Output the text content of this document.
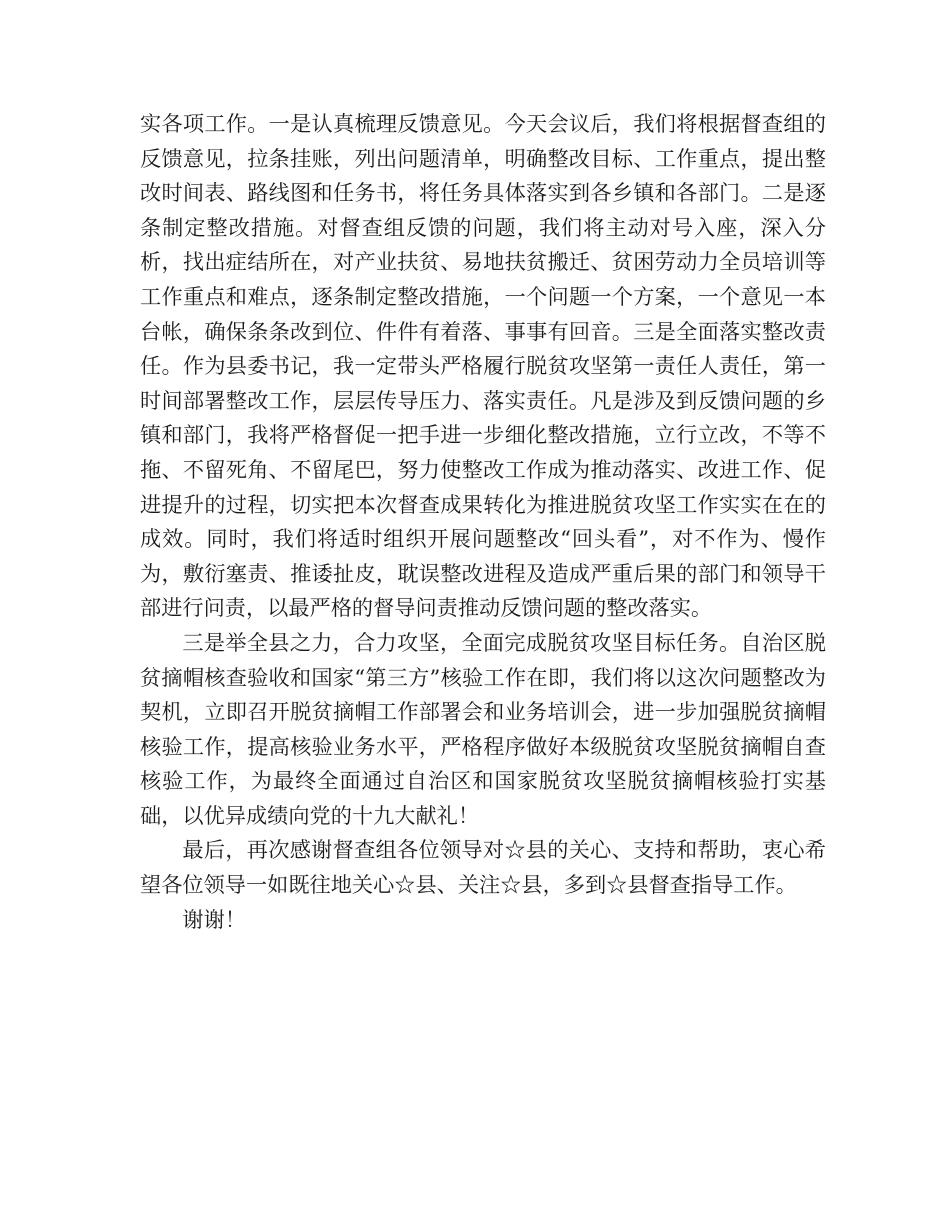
实各项工作。一是认真梳理反馈意见。今天会议后，我们将根据督查组的反馈意见，拉条挂账，列出问题清单，明确整改目标、工作重点，提出整改时间表、路线图和任务书，将任务具体落实到各乡镇和各部门。二是逐条制定整改措施。对督查组反馈的问题，我们将主动对号入座，深入分析，找出症结所在，对产业扶贫、易地扶贫搬迁、贫困劳动力全员培训等工作重点和难点，逐条制定整改措施，一个问题一个方案，一个意见一本台帐，确保条条改到位、件件有着落、事事有回音。三是全面落实整改责任。作为县委书记，我一定带头严格履行脱贫攻坚第一责任人责任，第一时间部署整改工作，层层传导压力、落实责任。凡是涉及到反馈问题的乡镇和部门，我将严格督促一把手进一步细化整改措施，立行立改，不等不拖、不留死角、不留尾巴，努力使整改工作成为推动落实、改进工作、促进提升的过程，切实把本次督查成果转化为推进脱贫攻坚工作实实在在的成效。同时，我们将适时组织开展问题整改“回头看”，对不作为、慢作为，敷衍塞责、推诿扯皮，耽误整改进程及造成严重后果的部门和领导干部进行问责，以最严格的督导问责推动反馈问题的整改落实。

三是举全县之力，合力攻坚，全面完成脱贫攻坚目标任务。自治区脱贫摘帽核查验收和国家“第三方”核验工作在即，我们将以这次问题整改为契机，立即召开脱贫摘帽工作部署会和业务培训会，进一步加强脱贫摘帽核验工作，提高核验业务水平，严格程序做好本级脱贫攻坚脱贫摘帽自查核验工作，为最终全面通过自治区和国家脱贫攻坚脱贫摘帽核验打实基础，以优异成绩向党的十九大献礼！

最后，再次感谢督查组各位领导对☆县的关心、支持和帮助，衷心希望各位领导一如既往地关心☆县、关注☆县，多到☆县督查指导工作。

谢谢！
